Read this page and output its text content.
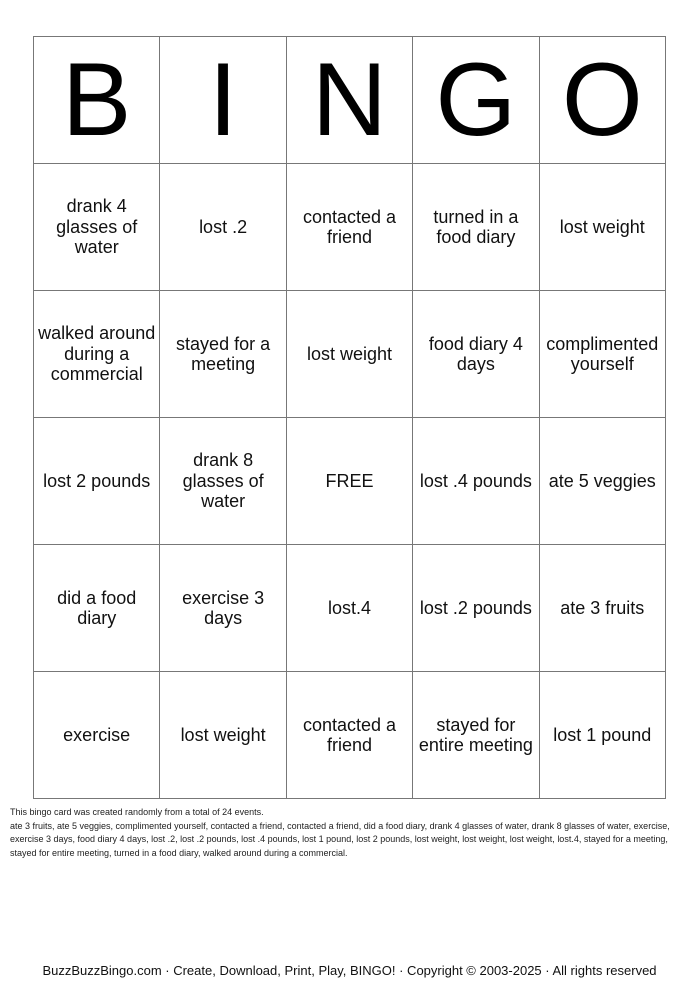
B	I	N	G	O
drank 4 glasses of water	lost .2	contacted a friend	turned in a food diary	lost weight
walked around during a commercial	stayed for a meeting	lost weight	food diary 4 days	complimented yourself
lost 2 pounds	drank 8 glasses of water	FREE	lost .4 pounds	ate 5 veggies
did a food diary	exercise 3 days	lost.4	lost .2 pounds	ate 3 fruits
exercise	lost weight	contacted a friend	stayed for entire meeting	lost 1 pound

This bingo card was created randomly from a total of 24 events.

ate 3 fruits, ate 5 veggies, complimented yourself, contacted a friend, contacted a friend, did a food diary, drank 4 glasses of water, drank 8 glasses of water, exercise, exercise 3 days, food diary 4 days, lost .2, lost .2 pounds, lost .4 pounds, lost 1 pound, lost 2 pounds, lost weight, lost weight, lost weight, lost.4, stayed for a meeting, stayed for entire meeting, turned in a food diary, walked around during a commercial.

BuzzBuzzBingo.com · Create, Download, Print, Play, BINGO! · Copyright © 2003-2025 · All rights reserved
